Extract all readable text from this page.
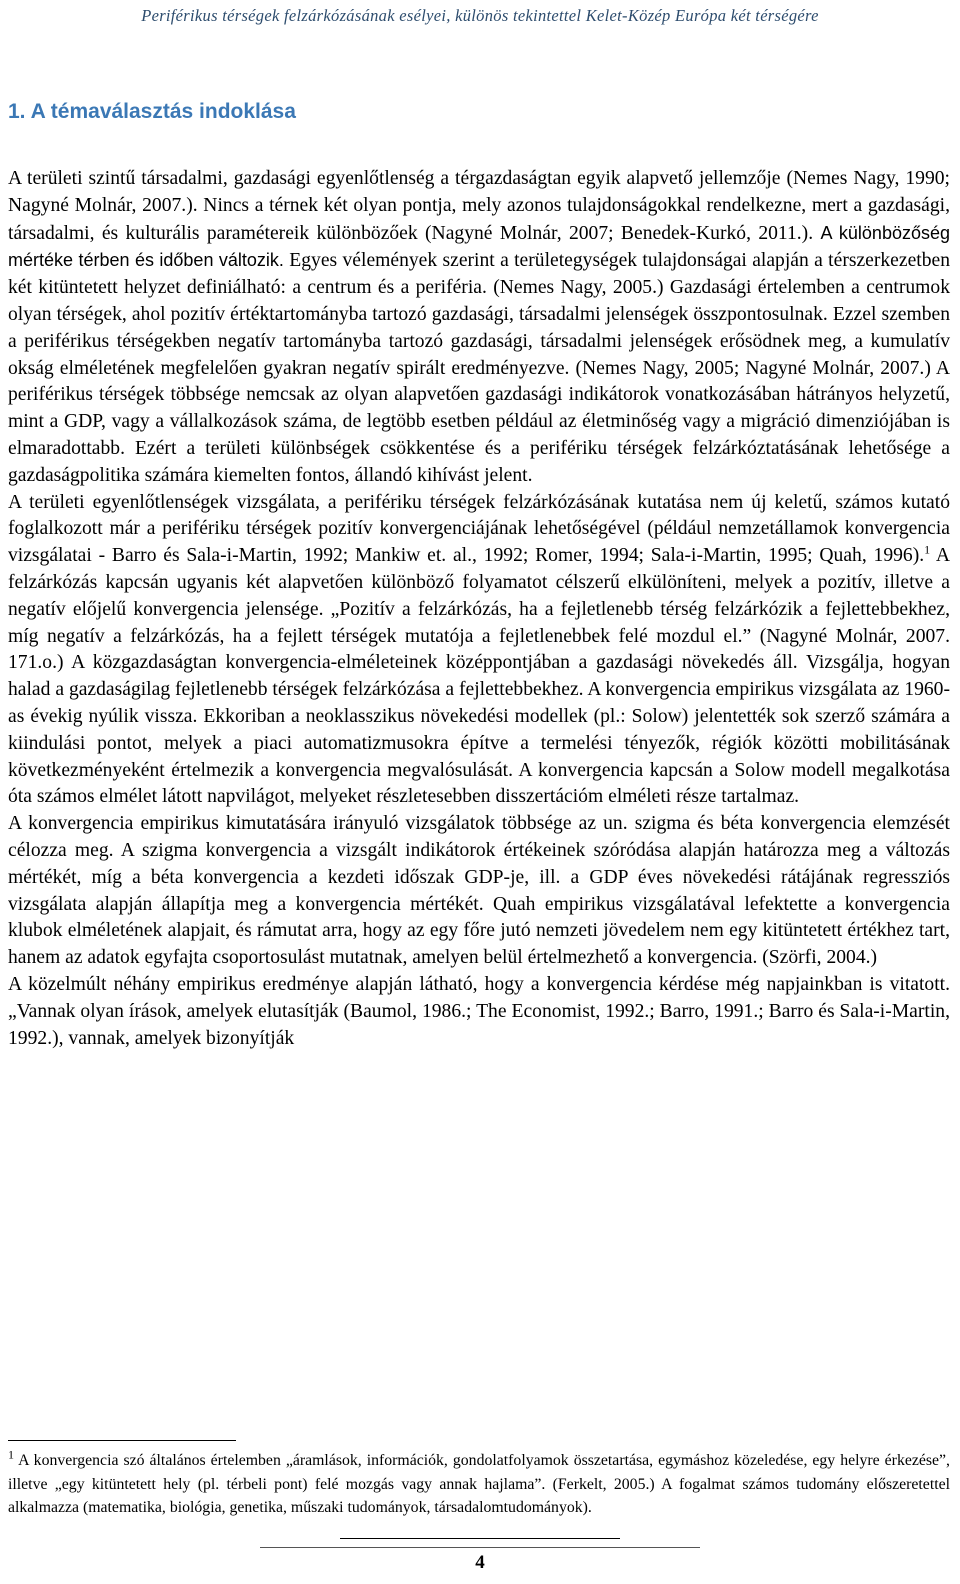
Periférikus térségek felzárkózásának esélyei, különös tekintettel Kelet-Közép Európa két térségére
1. A témaválasztás indoklása

A területi szintű társadalmi, gazdasági egyenlőtlenség a térgazdaságtan egyik alapvető jellemzője (Nemes Nagy, 1990; Nagyné Molnár, 2007.). Nincs a térnek két olyan pontja, mely azonos tulajdonságokkal rendelkezne, mert a gazdasági, társadalmi, és kulturális paramétereik különbözőek (Nagyné Molnár, 2007; Benedek-Kurkó, 2011.). A különbözőség mértéke térben és időben változik. Egyes vélemények szerint a területegységek tulajdonságai alapján a térszerkezetben két kitüntetett helyzet definiálható: a centrum és a periféria. (Nemes Nagy, 2005.) Gazdasági értelemben a centrumok olyan térségek, ahol pozitív értéktartományba tartozó gazdasági, társadalmi jelenségek összpontosulnak. Ezzel szemben a periférikus térségekben negatív tartományba tartozó gazdasági, társadalmi jelenségek erősödnek meg, a kumulatív okság elméletének megfelelően gyakran negatív spirált eredményezve. (Nemes Nagy, 2005; Nagyné Molnár, 2007.) A periférikus térségek többsége nemcsak az olyan alapvetően gazdasági indikátorok vonatkozásában hátrányos helyzetű, mint a GDP, vagy a vállalkozások száma, de legtöbb esetben például az életminőség vagy a migráció dimenziójában is elmaradottabb. Ezért a területi különbségek csökkentése és a perifériku térségek felzárkóztatásának lehetősége a gazdaságpolitika számára kiemelten fontos, állandó kihívást jelent.

A területi egyenlőtlenségek vizsgálata, a perifériku térségek felzárkózásának kutatása nem új keletű, számos kutató foglalkozott már a perifériku térségek pozitív konvergenciájának lehetőségével (például nemzetállamok konvergencia vizsgálatai - Barro és Sala-i-Martin, 1992; Mankiw et. al., 1992; Romer, 1994; Sala-i-Martin, 1995; Quah, 1996).$^1$ A felzárkózás kapcsán ugyanis két alapvetően különböző folyamatot célszerű elkülöníteni, melyek a pozitív, illetve a negatív előjelű konvergencia jelensége. „Pozitív a felzárkózás, ha a fejletlenebb térség felzárkózik a fejlettebbekhez, míg negatív a felzárkózás, ha a fejlett térségek mutatója a fejletlenebbek felé mozdul el.” (Nagyné Molnár, 2007. 171.o.) A közgazdaságtan konvergencia-elméleteinek középpontjában a gazdasági növekedés áll. Vizsgálja, hogyan halad a gazdaságilag fejletlenebb térségek felzárkózása a fejlettebbekhez. A konvergencia empirikus vizsgálata az 1960-as évekig nyúlik vissza. Ekkoriban a neoklasszikus növekedési modellek (pl.: Solow) jelentették sok szerző számára a kiindulási pontot, melyek a piaci automatizmusokra építve a termelési tényezők, régiók közötti mobilitásának következményeként értelmezik a konvergencia megvalósulását. A konvergencia kapcsán a Solow modell megalkotása óta számos elmélet látott napvilágot, melyeket részletesebben disszertációm elméleti része tartalmaz.

A konvergencia empirikus kimutatására irányuló vizsgálatok többsége az un. szigma és béta konvergencia elemzését célozza meg. A szigma konvergencia a vizsgált indikátorok értékeinek szóródása alapján határozza meg a változás mértékét, míg a béta konvergencia a kezdeti időszak GDP-je, ill. a GDP éves növekedési rátájának regressziós vizsgálata alapján állapítja meg a konvergencia mértékét. Quah empirikus vizsgálatával lefektette a konvergencia klubok elméletének alapjait, és rámutat arra, hogy az egy főre jutó nemzeti jövedelem nem egy kitüntetett értékhez tart, hanem az adatok egyfajta csoportosulást mutatnak, amelyen belül értelmezhető a konvergencia. (Szörfi, 2004.)

A közelmúlt néhány empirikus eredménye alapján látható, hogy a konvergencia kérdése még napjainkban is vitatott. „Vannak olyan írások, amelyek elutasítják (Baumol, 1986.; The Economist, 1992.; Barro, 1991.; Barro és Sala-i-Martin, 1992.), vannak, amelyek bizonyítják

$^1$ A konvergencia szó általános értelemben „áramlások, információk, gondolatfolyamok összetartása, egymáshoz közeledése, egy helyre érkezése”, illetve „egy kitüntetett hely (pl. térbeli pont) felé mozgás vagy annak hajlama”. (Ferkelt, 2005.) A fogalmat számos tudomány előszeretettel alkalmazza (matematika, biológia, genetika, műszaki tudományok, társadalomtudományok).

4
